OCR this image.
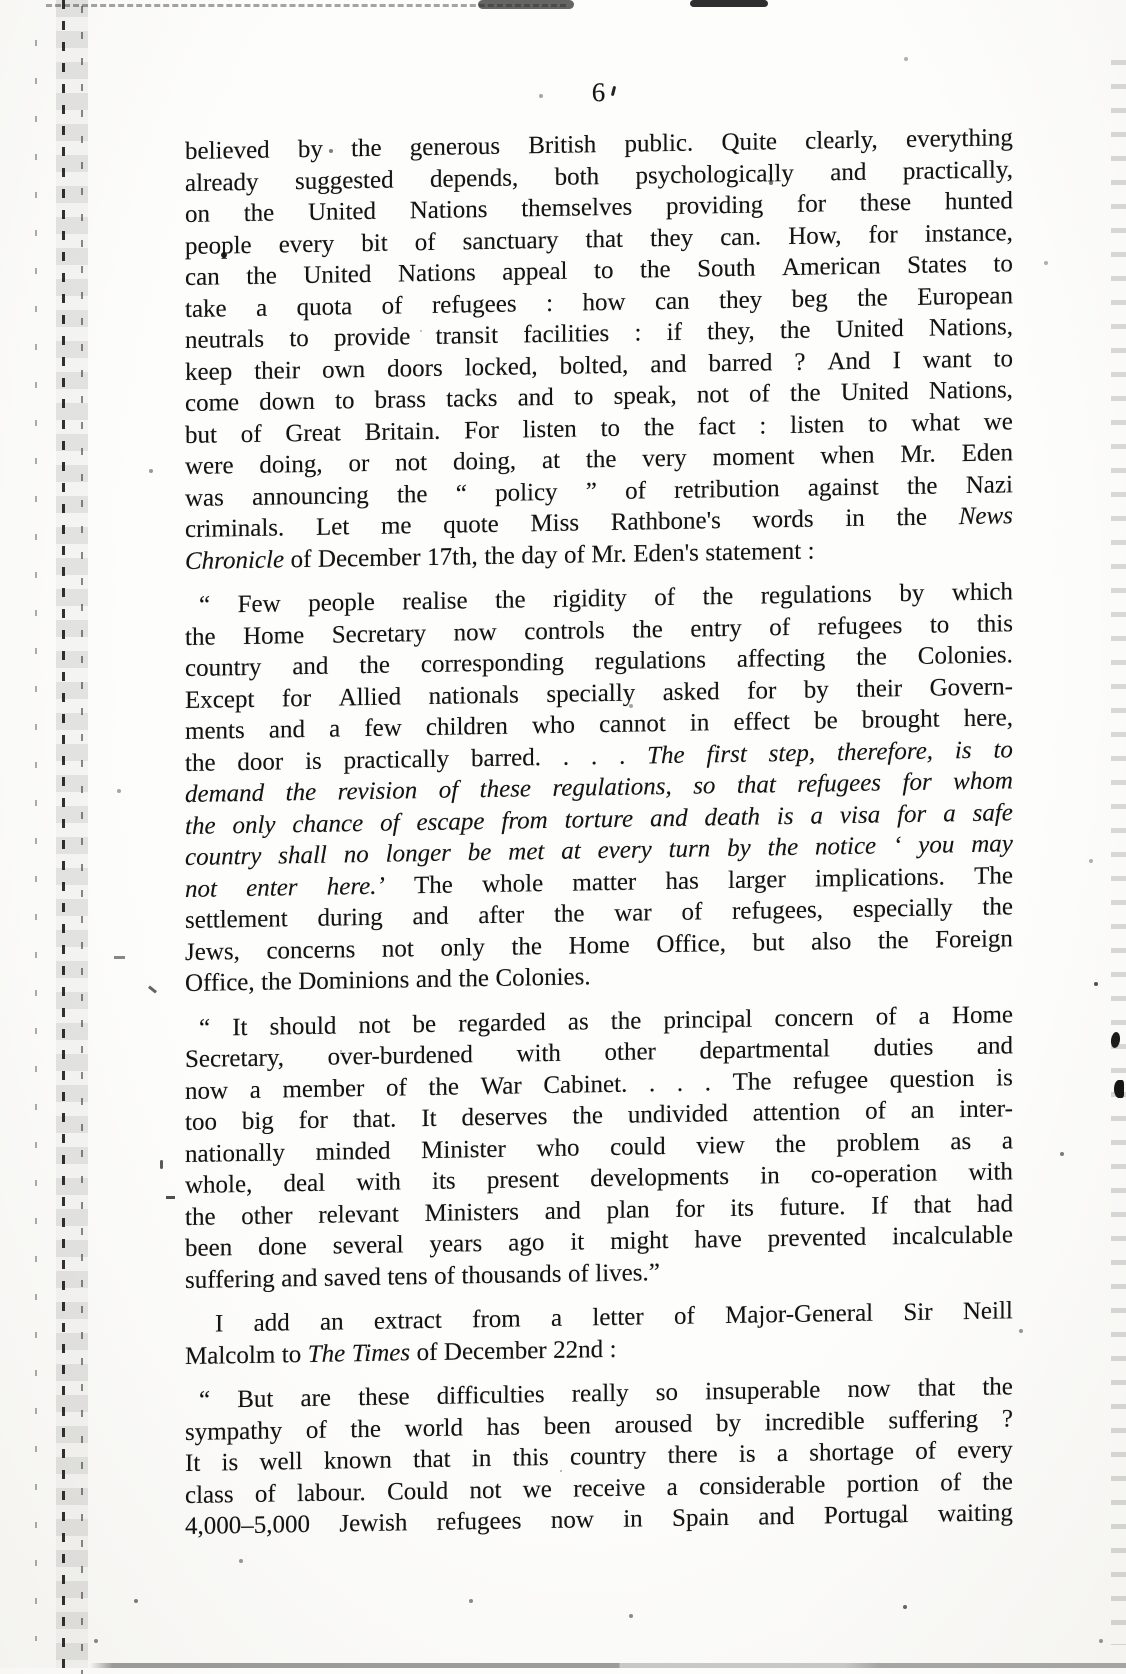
6
believed by the generous British public. Quite clearly, everything
already suggested depends, both psychologically and practically,
on the United Nations themselves providing for these hunted
people every bit of sanctuary that they can. How, for instance,
can the United Nations appeal to the South American States to
take a quota of refugees : how can they beg the European
neutrals to provide transit facilities : if they, the United Nations,
keep their own doors locked, bolted, and barred ? And I want to
come down to brass tacks and to speak, not of the United Nations,
but of Great Britain. For listen to the fact : listen to what we
were doing, or not doing, at the very moment when Mr. Eden
was announcing the “ policy ” of retribution against the Nazi
criminals. Let me quote Miss Rathbone's words in the News
Chronicle of December 17th, the day of Mr. Eden's statement :
“ Few people realise the rigidity of the regulations by which
the Home Secretary now controls the entry of refugees to this
country and the corresponding regulations affecting the Colonies.
Except for Allied nationals specially asked for by their Govern-
ments and a few children who cannot in effect be brought here,
the door is practically barred. . . . The first step, therefore, is to
demand the revision of these regulations, so that refugees for whom
the only chance of escape from torture and death is a visa for a safe
country shall no longer be met at every turn by the notice ‘ you may
not enter here.’ The whole matter has larger implications. The
settlement during and after the war of refugees, especially the
Jews, concerns not only the Home Office, but also the Foreign
Office, the Dominions and the Colonies.
“ It should not be regarded as the principal concern of a Home
Secretary, over-burdened with other departmental duties and
now a member of the War Cabinet. . . . The refugee question is
too big for that. It deserves the undivided attention of an inter-
nationally minded Minister who could view the problem as a
whole, deal with its present developments in co-operation with
the other relevant Ministers and plan for its future. If that had
been done several years ago it might have prevented incalculable
suffering and saved tens of thousands of lives.”
I add an extract from a letter of Major-General Sir Neill
Malcolm to The Times of December 22nd :
“ But are these difficulties really so insuperable now that the
sympathy of the world has been aroused by incredible suffering ?
It is well known that in this country there is a shortage of every
class of labour. Could not we receive a considerable portion of the
4,000–5,000 Jewish refugees now in Spain and Portugal waiting
